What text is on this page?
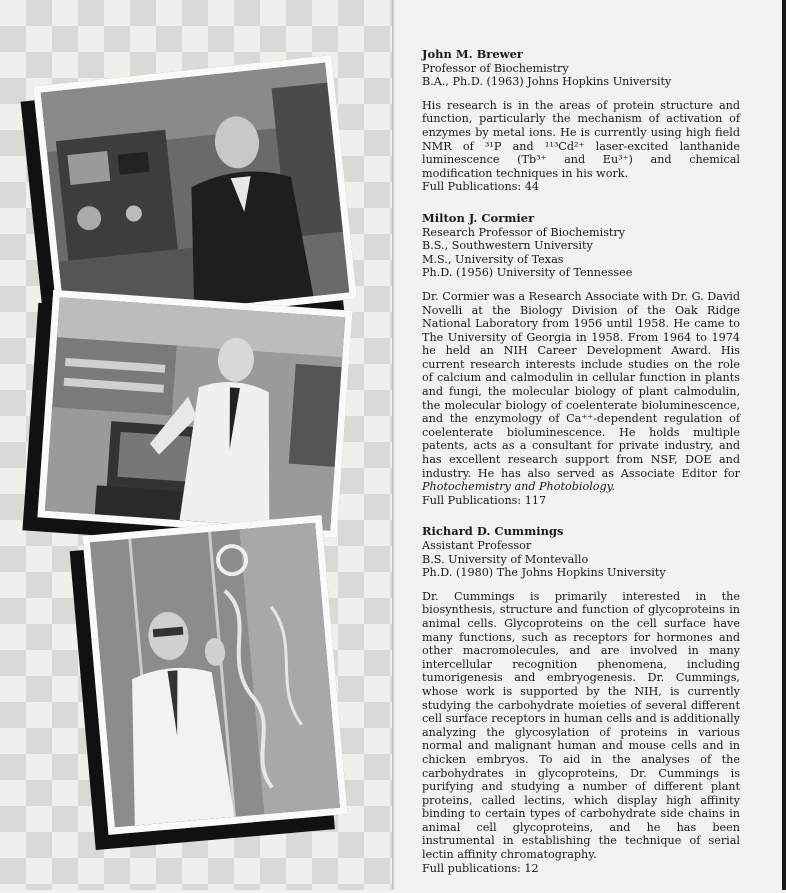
John M. Brewer
Professor of Biochemistry
B.A., Ph.D. (1963) Johns Hopkins University
His research is in the areas of protein structure and function, particularly the mechanism of activation of enzymes by metal ions. He is currently using high field NMR of ³¹P and ¹¹³Cd²⁺ laser-excited lanthanide luminescence (Tb³⁺ and Eu³⁺) and chemical modification techniques in his work.
Full Publications: 44
Milton J. Cormier
Research Professor of Biochemistry
B.S., Southwestern University
M.S., University of Texas
Ph.D. (1956) University of Tennessee
Dr. Cormier was a Research Associate with Dr. G. David Novelli at the Biology Division of the Oak Ridge National Laboratory from 1956 until 1958. He came to The University of Georgia in 1958. From 1964 to 1974 he held an NIH Career Development Award. His current research interests include studies on the role of calcium and calmodulin in cellular function in plants and fungi, the molecular biology of plant calmodulin, the molecular biology of coelenterate bioluminescence, and the enzymology of Ca⁺⁺-dependent regulation of coelenterate bioluminescence. He holds multiple patents, acts as a consultant for private industry, and has excellent research support from NSF, DOE and industry. He has also served as Associate Editor for Photochemistry and Photobiology.
Full Publications: 117
Richard D. Cummings
Assistant Professor
B.S. University of Montevallo
Ph.D. (1980) The Johns Hopkins University
Dr. Cummings is primarily interested in the biosynthesis, structure and function of glycoproteins in animal cells. Glycoproteins on the cell surface have many functions, such as receptors for hormones and other macromolecules, and are involved in many intercellular recognition phenomena, including tumorigenesis and embryogenesis. Dr. Cummings, whose work is supported by the NIH, is currently studying the carbohydrate moieties of several different cell surface receptors in human cells and is additionally analyzing the glycosylation of proteins in various normal and malignant human and mouse cells and in chicken embryos. To aid in the analyses of the carbohydrates in glycoproteins, Dr. Cummings is purifying and studying a number of different plant proteins, called lectins, which display high affinity binding to certain types of carbohydrate side chains in animal cell glycoproteins, and he has been instrumental in establishing the technique of serial lectin affinity chromatography.
Full publications: 12
